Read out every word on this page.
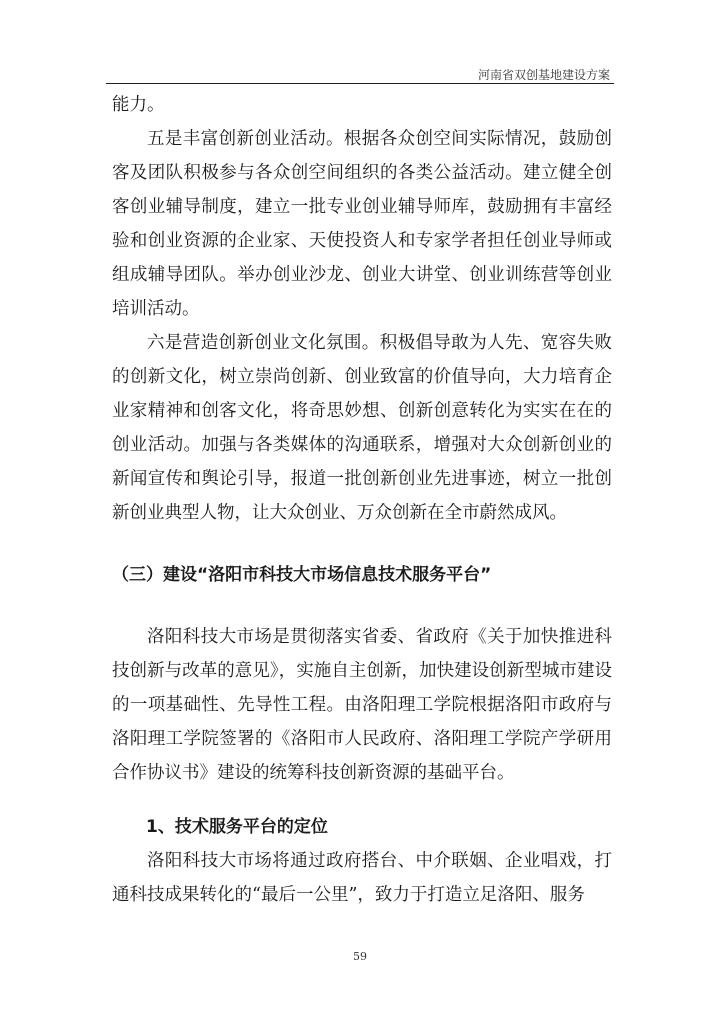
河南省双创基地建设方案

能力。

五是丰富创新创业活动。根据各众创空间实际情况，鼓励创客及团队积极参与各众创空间组织的各类公益活动。建立健全创客创业辅导制度，建立一批专业创业辅导师库，鼓励拥有丰富经验和创业资源的企业家、天使投资人和专家学者担任创业导师或组成辅导团队。举办创业沙龙、创业大讲堂、创业训练营等创业培训活动。

六是营造创新创业文化氛围。积极倡导敢为人先、宽容失败的创新文化，树立崇尚创新、创业致富的价值导向，大力培育企业家精神和创客文化，将奇思妙想、创新创意转化为实实在在的创业活动。加强与各类媒体的沟通联系，增强对大众创新创业的新闻宣传和舆论引导，报道一批创新创业先进事迹，树立一批创新创业典型人物，让大众创业、万众创新在全市蔚然成风。

（三）建设“洛阳市科技大市场信息技术服务平台”

洛阳科技大市场是贯彻落实省委、省政府《关于加快推进科技创新与改革的意见》，实施自主创新，加快建设创新型城市建设的一项基础性、先导性工程。由洛阳理工学院根据洛阳市政府与洛阳理工学院签署的《洛阳市人民政府、洛阳理工学院产学研用合作协议书》建设的统筹科技创新资源的基础平台。

1、技术服务平台的定位

洛阳科技大市场将通过政府搭台、中介联姻、企业唱戏，打通科技成果转化的“最后一公里”，致力于打造立足洛阳、服务

59
